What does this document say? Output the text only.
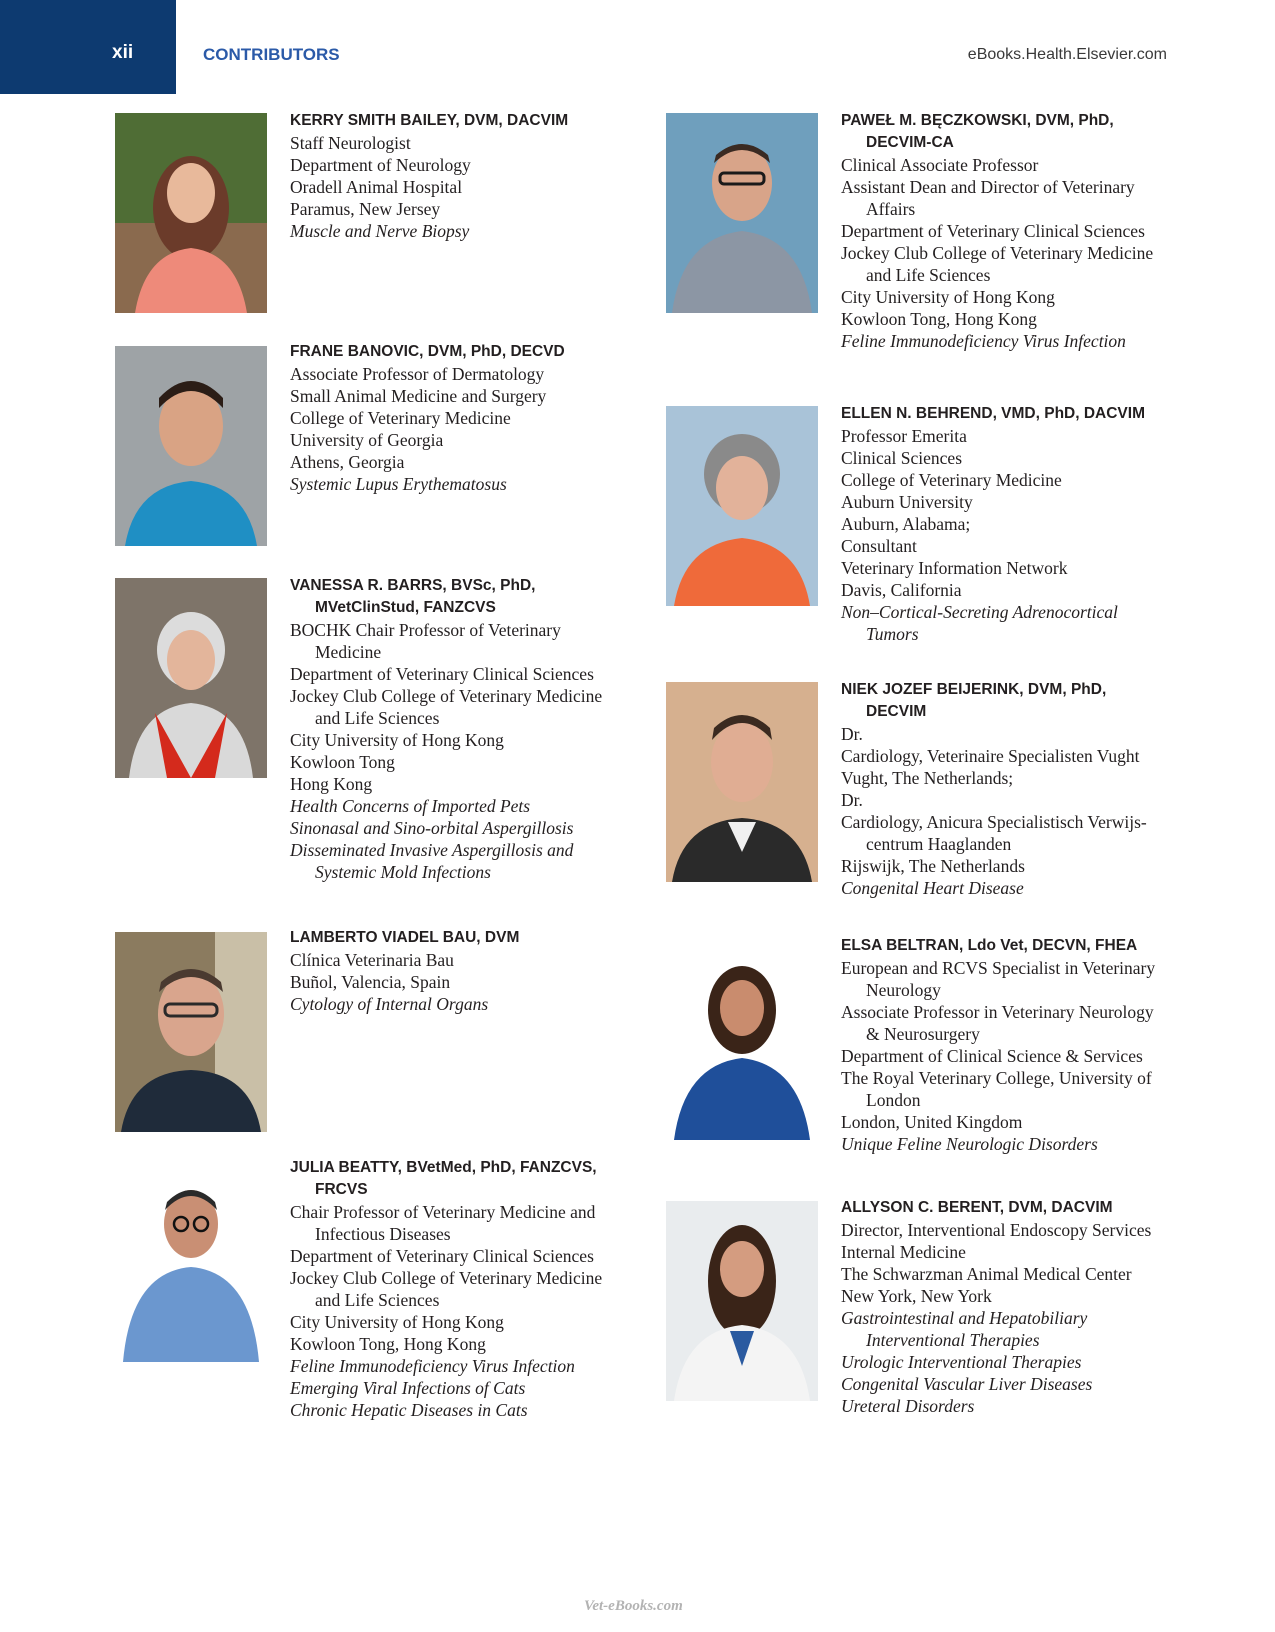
xii	CONTRIBUTORS	eBooks.Health.Elsevier.com
KERRY SMITH BAILEY, DVM, DACVIM
Staff Neurologist
Department of Neurology
Oradell Animal Hospital
Paramus, New Jersey
Muscle and Nerve Biopsy
FRANE BANOVIC, DVM, PhD, DECVD
Associate Professor of Dermatology
Small Animal Medicine and Surgery
College of Veterinary Medicine
University of Georgia
Athens, Georgia
Systemic Lupus Erythematosus
VANESSA R. BARRS, BVSc, PhD, MVetClinStud, FANZCVS
BOCHK Chair Professor of Veterinary Medicine
Department of Veterinary Clinical Sciences
Jockey Club College of Veterinary Medicine and Life Sciences
City University of Hong Kong
Kowloon Tong
Hong Kong
Health Concerns of Imported Pets
Sinonasal and Sino-orbital Aspergillosis
Disseminated Invasive Aspergillosis and Systemic Mold Infections
LAMBERTO VIADEL BAU, DVM
Clínica Veterinaria Bau
Buñol, Valencia, Spain
Cytology of Internal Organs
JULIA BEATTY, BVetMed, PhD, FANZCVS, FRCVS
Chair Professor of Veterinary Medicine and Infectious Diseases
Department of Veterinary Clinical Sciences
Jockey Club College of Veterinary Medicine and Life Sciences
City University of Hong Kong
Kowloon Tong, Hong Kong
Feline Immunodeficiency Virus Infection
Emerging Viral Infections of Cats
Chronic Hepatic Diseases in Cats
PAWEŁ M. BĘCZKOWSKI, DVM, PhD, DECVIM-CA
Clinical Associate Professor
Assistant Dean and Director of Veterinary Affairs
Department of Veterinary Clinical Sciences
Jockey Club College of Veterinary Medicine and Life Sciences
City University of Hong Kong
Kowloon Tong, Hong Kong
Feline Immunodeficiency Virus Infection
ELLEN N. BEHREND, VMD, PhD, DACVIM
Professor Emerita
Clinical Sciences
College of Veterinary Medicine
Auburn University
Auburn, Alabama;
Consultant
Veterinary Information Network
Davis, California
Non–Cortical-Secreting Adrenocortical Tumors
NIEK JOZEF BEIJERINK, DVM, PhD, DECVIM
Dr.
Cardiology, Veterinaire Specialisten Vught
Vught, The Netherlands;
Dr.
Cardiology, Anicura Specialistisch Verwijs-centrum Haaglanden
Rijswijk, The Netherlands
Congenital Heart Disease
ELSA BELTRAN, Ldo Vet, DECVN, FHEA
European and RCVS Specialist in Veterinary Neurology
Associate Professor in Veterinary Neurology & Neurosurgery
Department of Clinical Science & Services
The Royal Veterinary College, University of London
London, United Kingdom
Unique Feline Neurologic Disorders
ALLYSON C. BERENT, DVM, DACVIM
Director, Interventional Endoscopy Services
Internal Medicine
The Schwarzman Animal Medical Center
New York, New York
Gastrointestinal and Hepatobiliary Interventional Therapies
Urologic Interventional Therapies
Congenital Vascular Liver Diseases
Ureteral Disorders
Vet-eBooks.com
